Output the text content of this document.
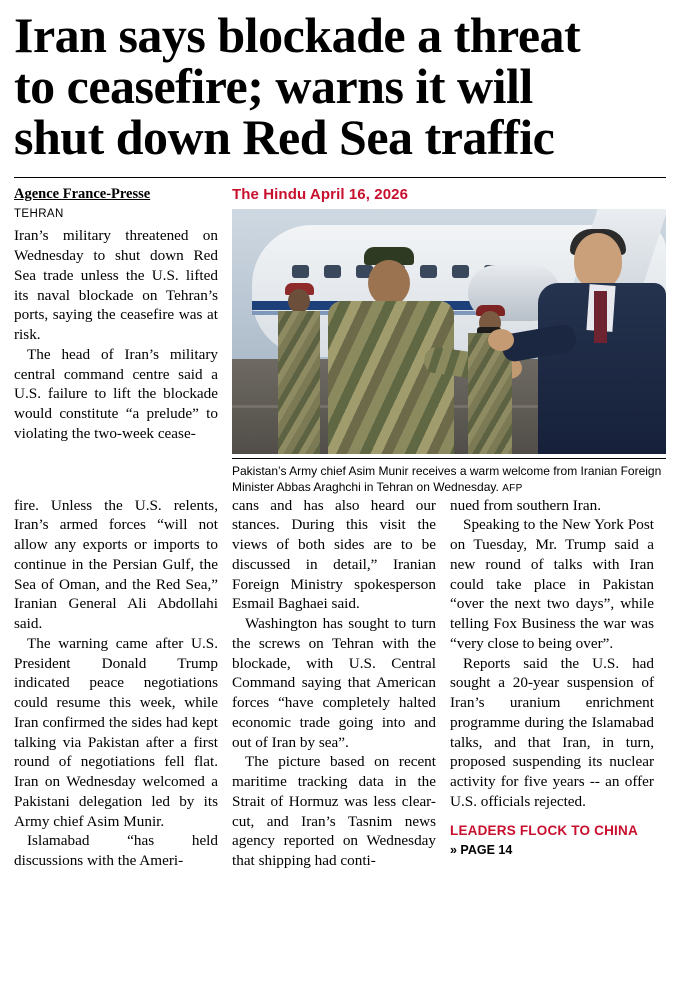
Iran says blockade a threat
to ceasefire; warns it will
shut down Red Sea traffic
Agence France-Presse
TEHRAN

Iran’s military threatened on Wednesday to shut down Red Sea trade unless the U.S. lifted its naval blockade on Tehran’s ports, saying the ceasefire was at risk.

The head of Iran’s military central command centre said a U.S. failure to lift the blockade would constitute “a prelude” to violating the two-week cease-

The Hindu April 16, 2026
Pakistan’s Army chief Asim Munir receives a warm welcome from Iranian Foreign Minister Abbas Araghchi in Tehran on Wednesday. AFP

fire. Unless the U.S. relents, Iran’s armed forces “will not allow any exports or imports to continue in the Persian Gulf, the Sea of Oman, and the Red Sea,” Iranian General Ali Abdollahi said.

The warning came after U.S. President Donald Trump indicated peace negotiations could resume this week, while Iran confirmed the sides had kept talking via Pakistan after a first round of negotiations fell flat. Iran on Wednesday welcomed a Pakistani delegation led by its Army chief Asim Munir.

Islamabad “has held discussions with the Ameri-

cans and has also heard our stances. During this visit the views of both sides are to be discussed in detail,” Iranian Foreign Ministry spokesperson Esmail Baghaei said.

Washington has sought to turn the screws on Tehran with the blockade, with U.S. Central Command saying that American forces “have completely halted economic trade going into and out of Iran by sea”.

The picture based on recent maritime tracking data in the Strait of Hormuz was less clear-cut, and Iran’s Tasnim news agency reported on Wednesday that shipping had conti-

nued from southern Iran.

Speaking to the New York Post on Tuesday, Mr. Trump said a new round of talks with Iran could take place in Pakistan “over the next two days”, while telling Fox Business the war was “very close to being over”.

Reports said the U.S. had sought a 20-year suspension of Iran’s uranium enrichment programme during the Islamabad talks, and that Iran, in turn, proposed suspending its nuclear activity for five years -- an offer U.S. officials rejected.

LEADERS FLOCK TO CHINA
» PAGE 14
